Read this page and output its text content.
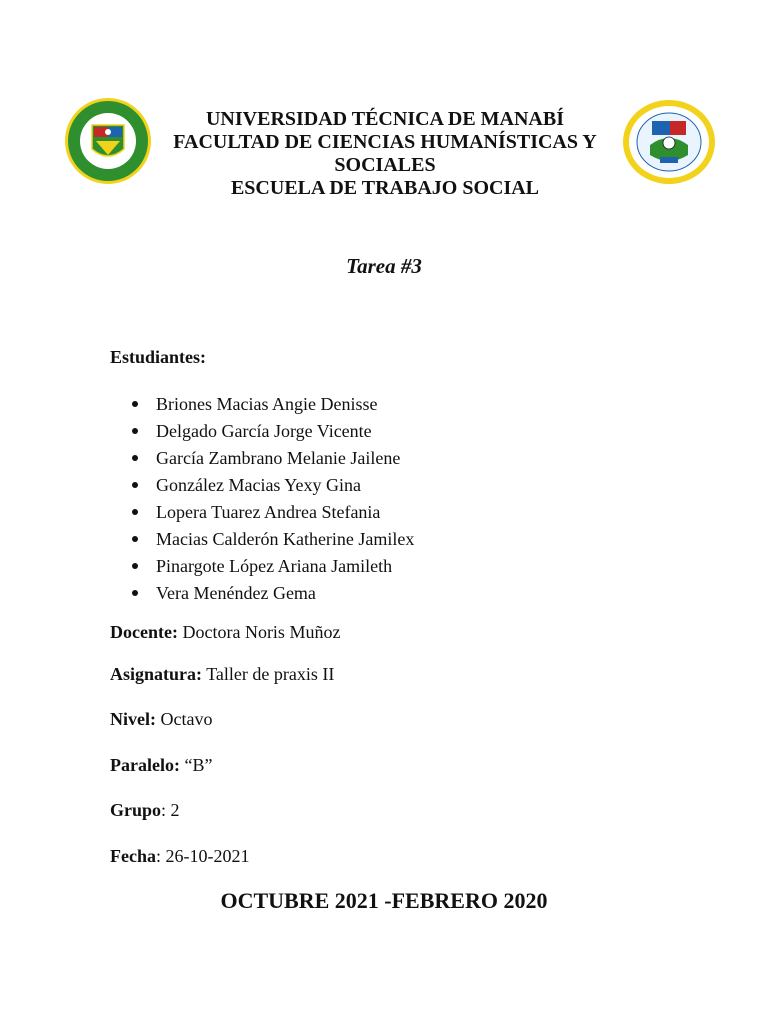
UNIVERSIDAD TÉCNICA DE MANABÍ
FACULTAD DE CIENCIAS HUMANÍSTICAS Y
SOCIALES
ESCUELA DE TRABAJO SOCIAL
Tarea #3
Estudiantes:
Briones Macias Angie Denisse
Delgado García Jorge Vicente
García Zambrano Melanie Jailene
González Macias Yexy Gina
Lopera Tuarez Andrea Stefania
Macias Calderón Katherine Jamilex
Pinargote López Ariana Jamileth
Vera Menéndez Gema
Docente: Doctora Noris Muñoz
Asignatura: Taller de praxis II
Nivel: Octavo
Paralelo: “B”
Grupo: 2
Fecha: 26-10-2021
OCTUBRE 2021 -FEBRERO 2020
